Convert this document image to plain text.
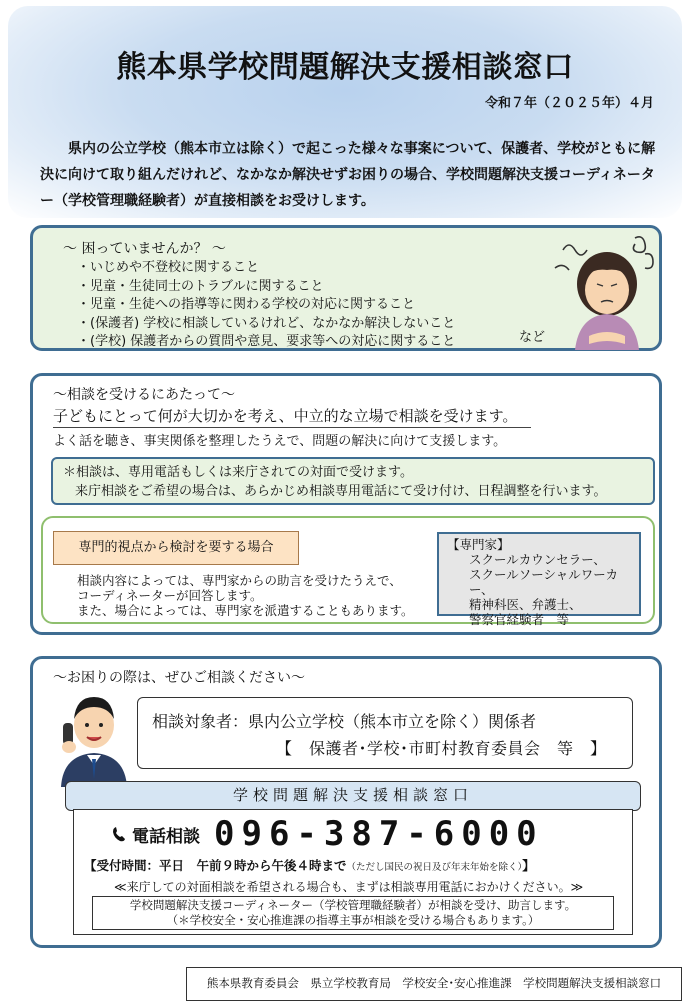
熊本県学校問題解決支援相談窓口
令和７年（２０２５年）４月

県内の公立学校（熊本市立は除く）で起こった様々な事案について、保護者、学校がともに解決に向けて取り組んだけれど、なかなか解決せずお困りの場合、学校問題解決支援コーディネーター（学校管理職経験者）が直接相談をお受けします。

～ 困っていませんか？ ～
・いじめや不登校に関すること
・児童・生徒同士のトラブルに関すること
・児童・生徒への指導等に関わる学校の対応に関すること
・(保護者) 学校に相談しているけれど、なかなか解決しないこと
・(学校) 保護者からの質問や意見、要求等への対応に関すること	など
～相談を受けるにあたって～
子どもにとって何が大切かを考え、中立的な立場で相談を受けます。
よく話を聴き、事実関係を整理したうえで、問題の解決に向けて支援します。
＊相談は、専用電話もしくは来庁されての対面で受けます。
来庁相談をご希望の場合は、あらかじめ相談専用電話にて受け付け、日程調整を行います。
専門的視点から検討を要する場合
相談内容によっては、専門家からの助言を受けたうえで、
コーディネーターが回答します。
また、場合によっては、専門家を派遣することもあります。
【専門家】
スクールカウンセラー、
スクールソーシャルワーカー、
精神科医、弁護士、
警察官経験者　等
～お困りの際は、ぜひご相談ください～
相談対象者：県内公立学校（熊本市立を除く）関係者
【　保護者･学校･市町村教育委員会　等　】
学校問題解決支援相談窓口
電話相談 096-387-6000
【受付時間：平日　午前９時から午後４時まで（ただし国民の祝日及び年末年始を除く）】
≪来庁しての対面相談を希望される場合も、まずは相談専用電話におかけください。≫
学校問題解決支援コーディネーター（学校管理職経験者）が相談を受け、助言します。
（＊学校安全・安心推進課の指導主事が相談を受ける場合もあります。）
熊本県教育委員会　県立学校教育局　学校安全･安心推進課　学校問題解決支援相談窓口
